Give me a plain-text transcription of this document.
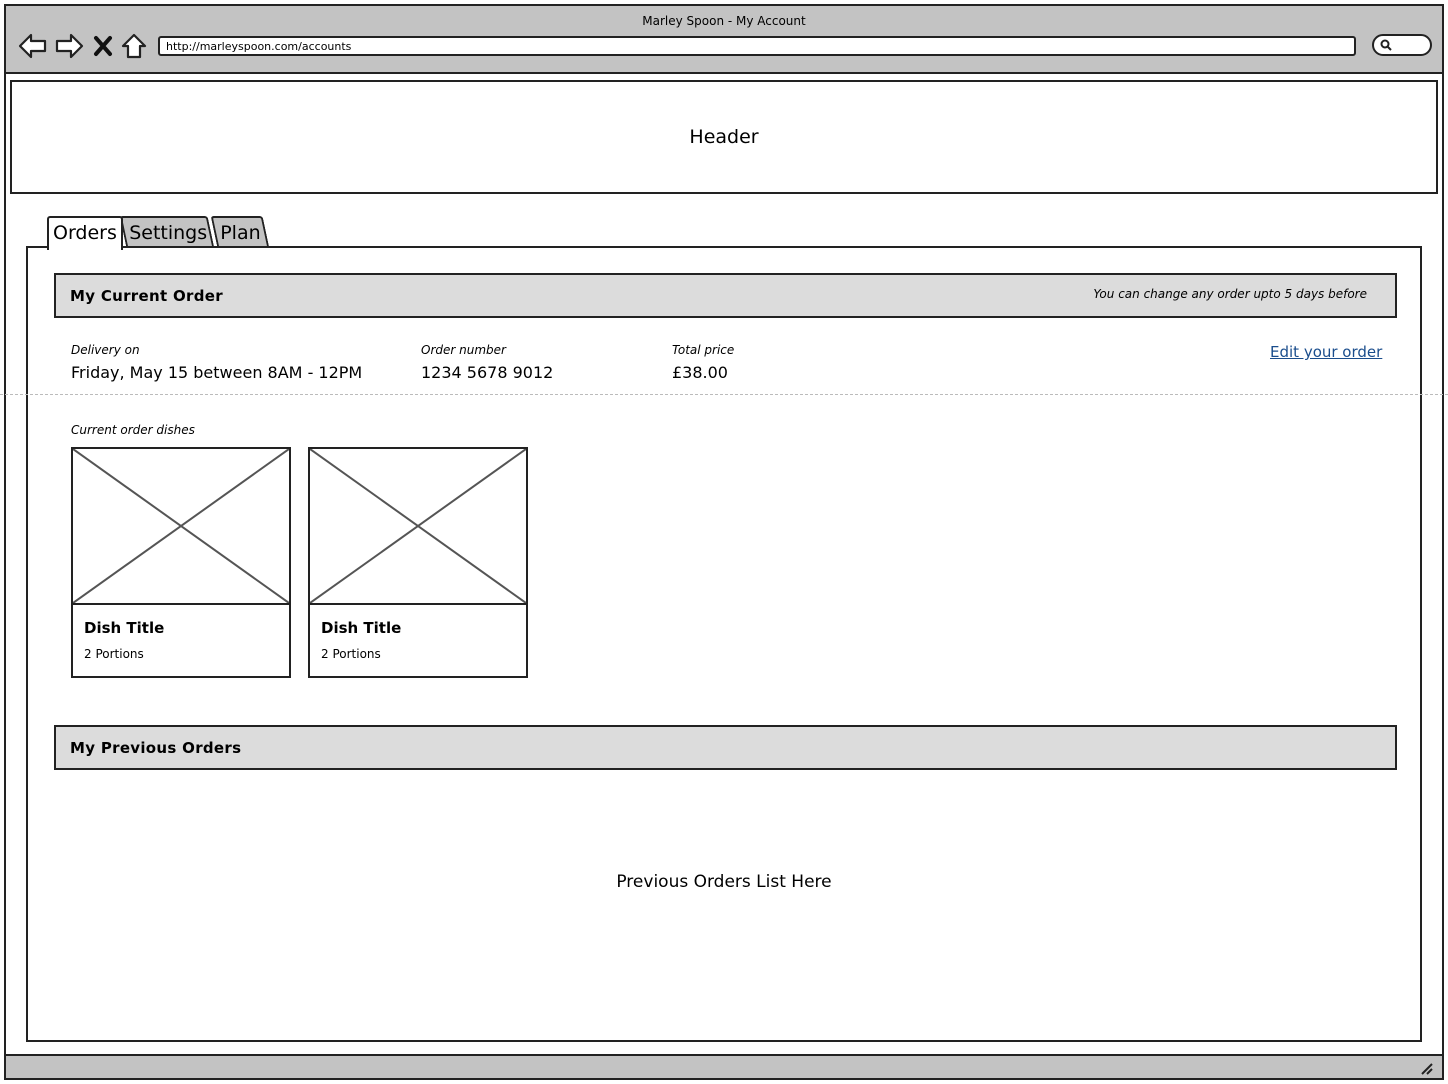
Marley Spoon - My Account
http://marleyspoon.com/accounts
Header
Orders Settings Plan
My Current Order	You can change any order upto 5 days before
Delivery on
Friday, May 15 between 8AM - 12PM
Order number
1234 5678 9012
Total price
£38.00
Edit your order
Current order dishes
Dish Title
2 Portions
Dish Title
2 Portions
My Previous Orders
Previous Orders List Here
